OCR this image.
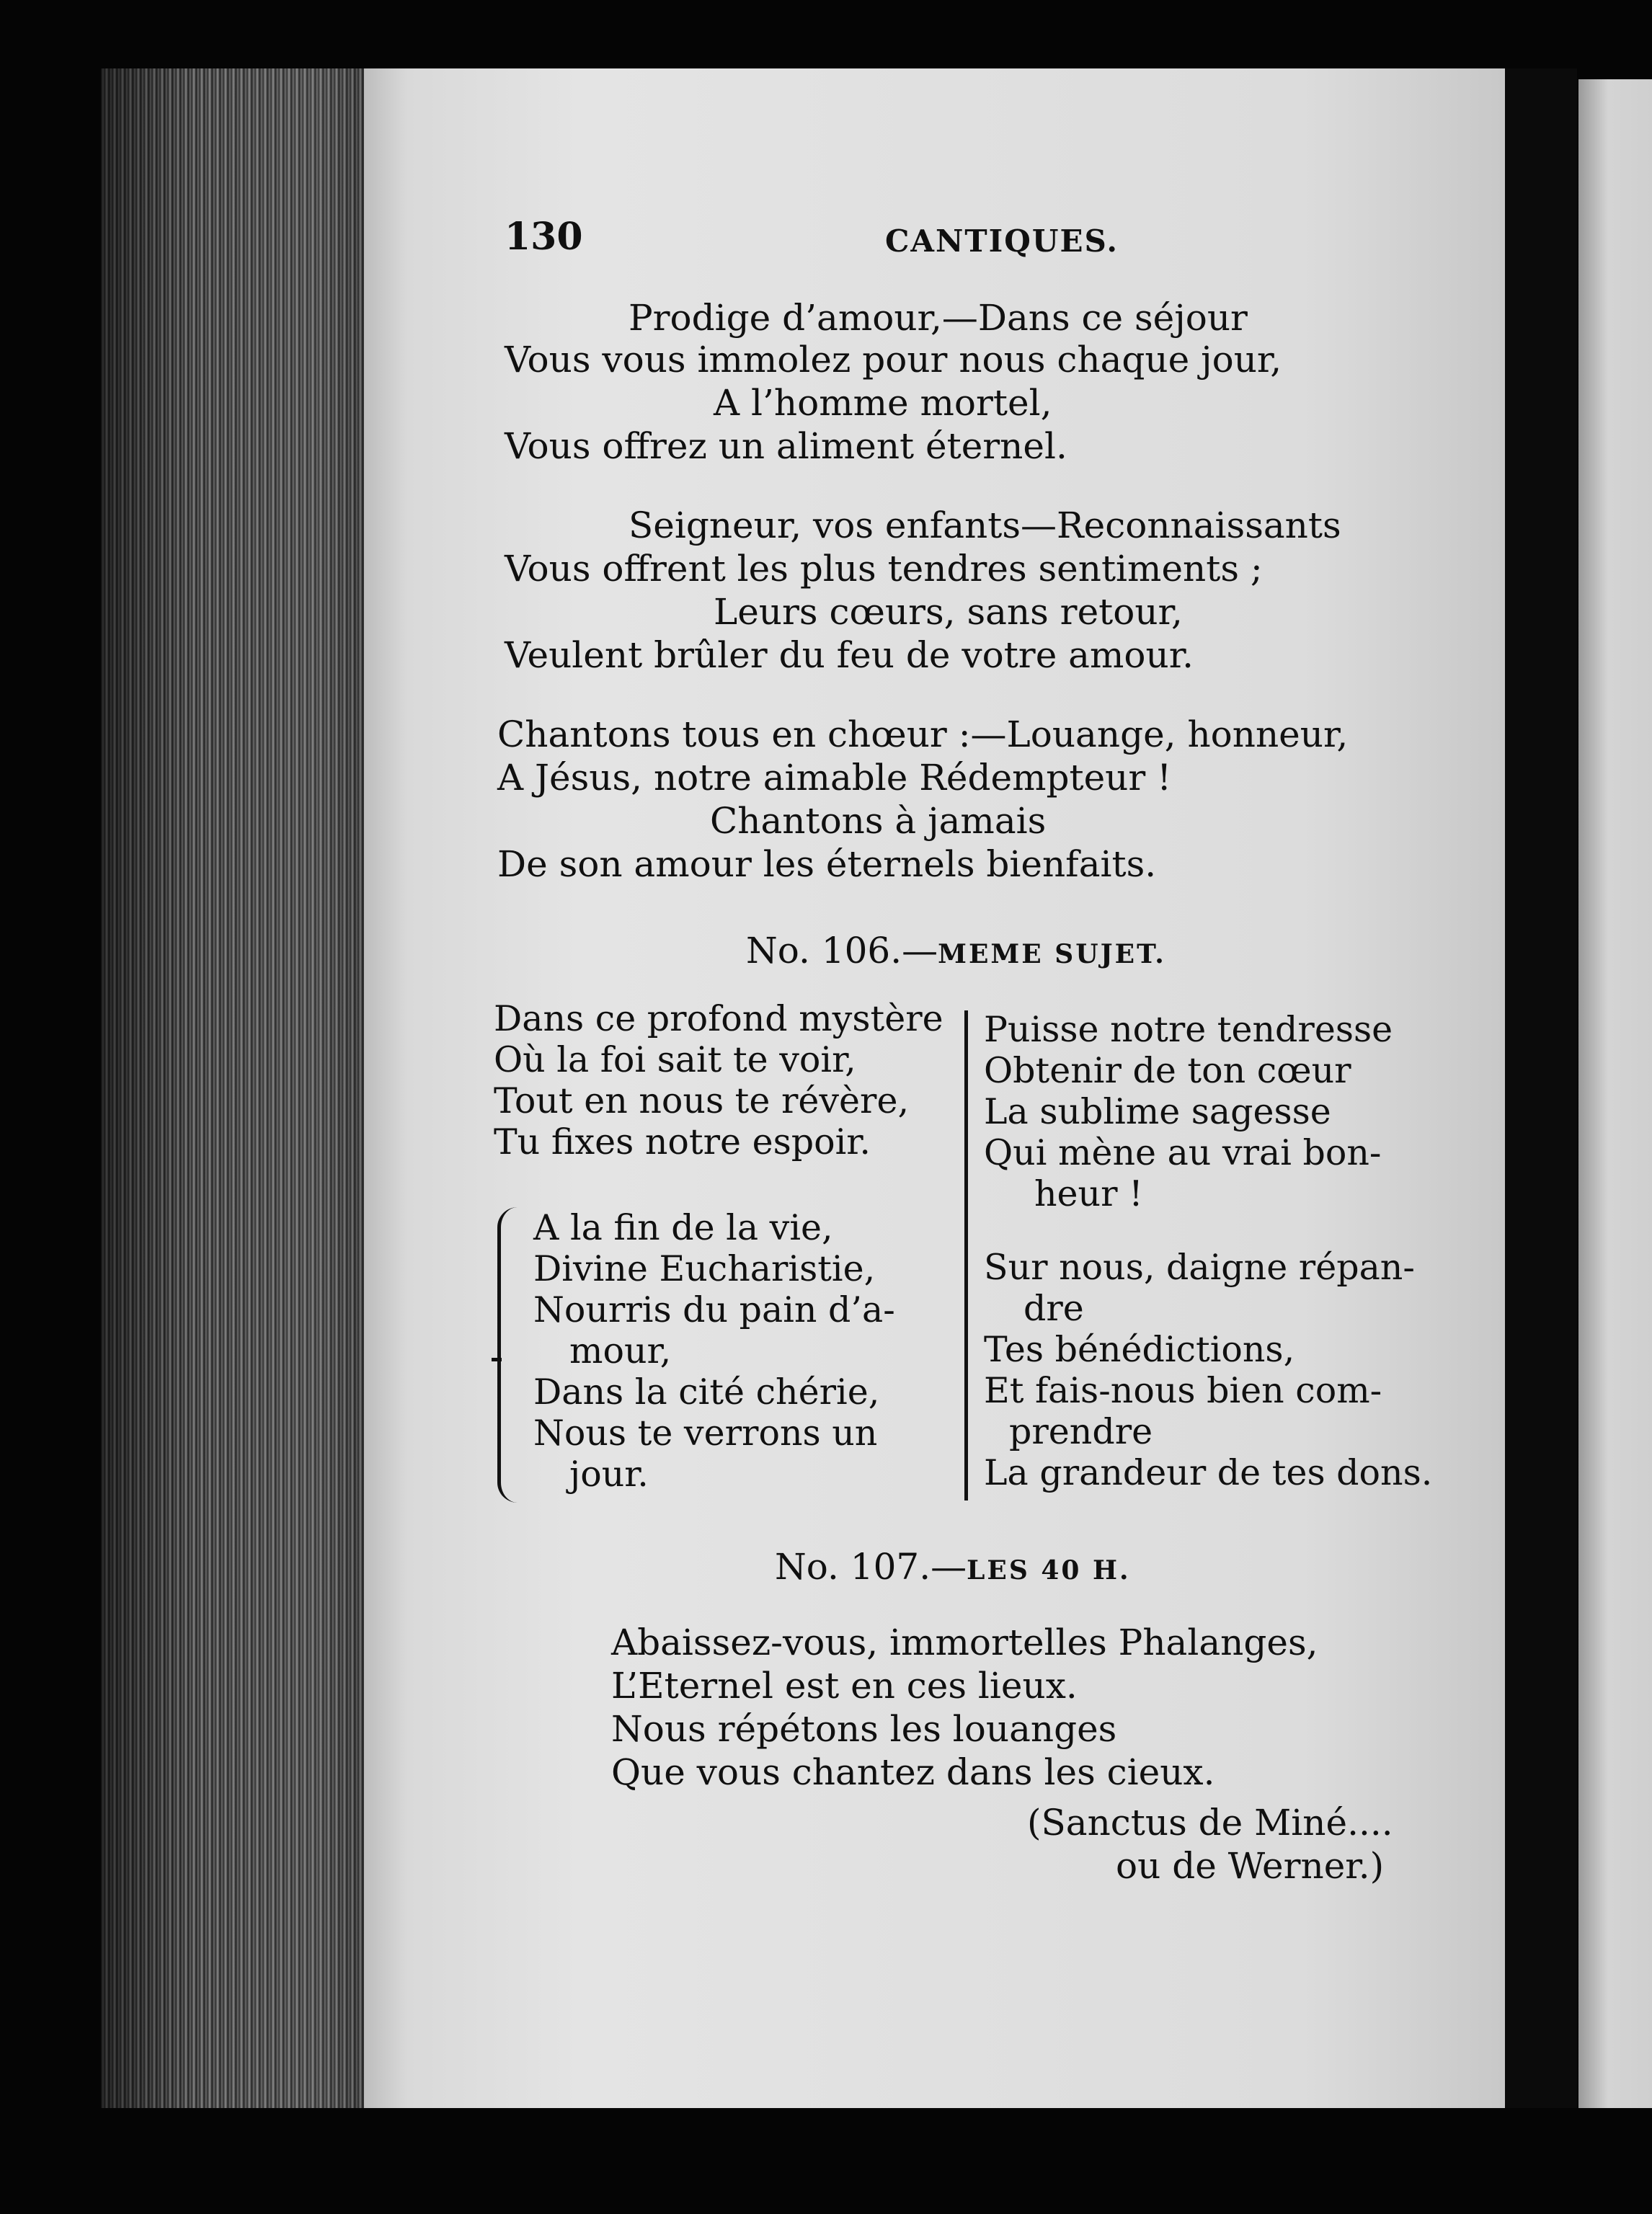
130	CANTIQUES.
Prodige d’amour,—Dans ce séjour
Vous vous immolez pour nous chaque jour,
A l’homme mortel,
Vous offrez un aliment éternel.
Seigneur, vos enfants—Reconnaissants
Vous offrent les plus tendres sentiments ;
Leurs cœurs, sans retour,
Veulent brûler du feu de votre amour.
Chantons tous en chœur :—Louange, honneur,
A Jésus, notre aimable Rédempteur !
Chantons à jamais
De son amour les éternels bienfaits.
No. 106.—MEME SUJET.
Dans ce profond mystère
Où la foi sait te voir,
Tout en nous te révère,
Tu fixes notre espoir.
A la fin de la vie,
Divine Eucharistie,
Nourris du pain d’a-
mour,
Dans la cité chérie,
Nous te verrons un
jour.
Puisse notre tendresse
Obtenir de ton cœur
La sublime sagesse
Qui mène au vrai bon-
heur !
Sur nous, daigne répan-
dre
Tes bénédictions,
Et fais-nous bien com-
prendre
La grandeur de tes dons.
No. 107.—LES 40 H.
Abaissez-vous, immortelles Phalanges,
L’Eternel est en ces lieux.
Nous répétons les louanges
Que vous chantez dans les cieux.
(Sanctus de Miné....
ou de Werner.)
